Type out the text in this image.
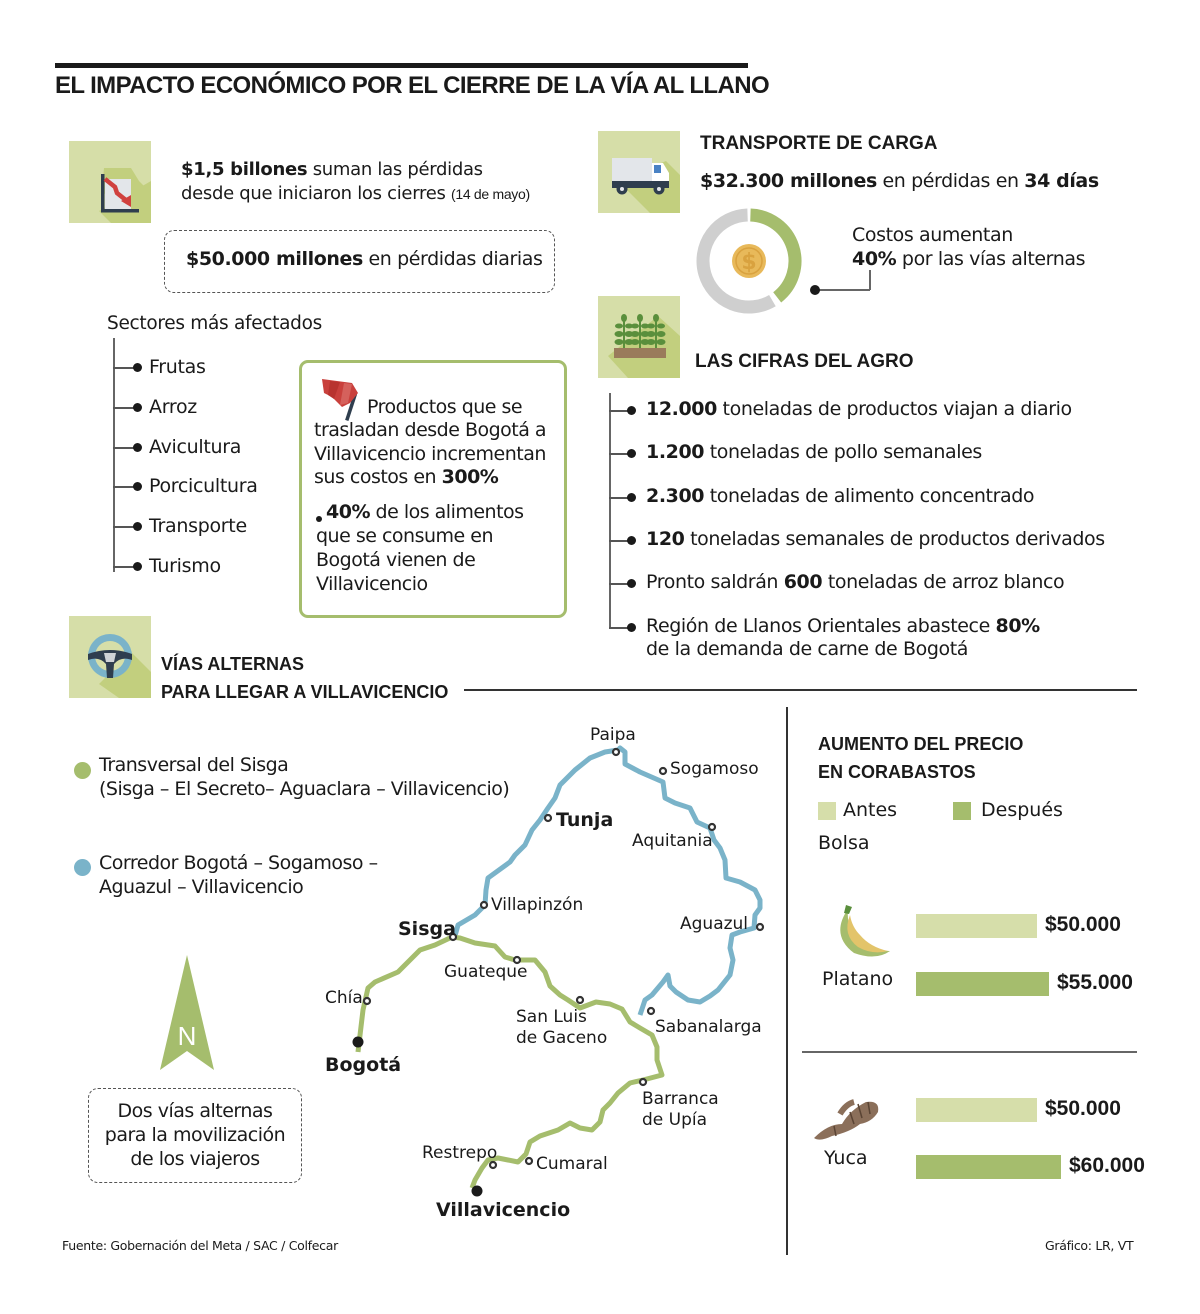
EL IMPACTO ECONÓMICO POR EL CIERRE DE LA VÍA AL LLANO
$1,5 billones suman las pérdidas
desde que iniciaron los cierres (14 de mayo)
$50.000 millones en pérdidas diarias
Sectores más afectados
Frutas
Arroz
Avicultura
Porcicultura
Transporte
Turismo
Productos que se
trasladan desde Bogotá a
Villavicencio incrementan
sus costos en 300%
40% de los alimentos
que se consume en
Bogotá vienen de
Villavicencio
TRANSPORTE DE CARGA
$32.300 millones en pérdidas en 34 días
$
Costos aumentan
40% por las vías alternas
LAS CIFRAS DEL AGRO
12.000 toneladas de productos viajan a diario
1.200 toneladas de pollo semanales
2.300 toneladas de alimento concentrado
120 toneladas semanales de productos derivados
Pronto saldrán 600 toneladas de arroz blanco
Región de Llanos Orientales abastece 80%
de la demanda de carne de Bogotá
VÍAS ALTERNAS
PARA LLEGAR A VILLAVICENCIO
Transversal del Sisga
(Sisga – El Secreto– Aguaclara – Villavicencio)
Corredor Bogotá – Sogamoso –
Aguazul – Villavicencio
Paipa
Sogamoso
Tunja
Aquitania
Villapinzón
Aguazul
Sisga
Guateque
Chía
San Luis
de Gaceno
Sabanalarga
Bogotá
Barranca
de Upía
Restrepo
Cumaral
Villavicencio
N
Dos vías alternas
para la movilización
de los viajeros
AUMENTO DEL PRECIO EN CORABASTOS
Antes	Después
Bolsa
Platano
Yuca
$50.000
$55.000
$50.000
$60.000
Fuente: Gobernación del Meta / SAC / Colfecar	Gráfico: LR, VT
